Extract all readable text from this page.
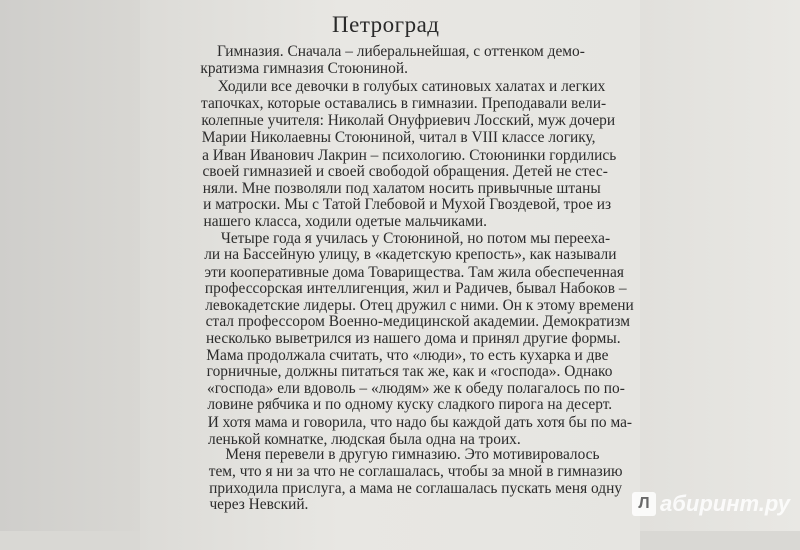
Петроград
Гимназия. Сначала – либеральнейшая, с оттенком демо-
кратизма гимназия Стоюниной.
Ходили все девочки в голубых сатиновых халатах и легких
тапочках, которые оставались в гимназии. Преподавали вели-
колепные учителя: Николай Онуфриевич Лосский, муж дочери
Марии Николаевны Стоюниной, читал в VIII классе логику,
а Иван Иванович Лакрин – психологию. Стоюнинки гордились
своей гимназией и своей свободой обращения. Детей не стес-
няли. Мне позволяли под халатом носить привычные штаны
и матроски. Мы с Татой Глебовой и Мухой Гвоздевой, трое из
нашего класса, ходили одетые мальчиками.
Четыре года я училась у Стоюниной, но потом мы переeха-
ли на Бассейную улицу, в «кадетскую крепость», как называли
эти кооперативные дома Товарищества. Там жила обеспеченная
профессорская интеллигенция, жил и Радичев, бывал Набоков –
левокадетские лидеры. Отец дружил с ними. Он к этому времени
стал профессором Военно-медицинской академии. Демократизм
несколько выветрился из нашего дома и принял другие формы.
Мама продолжала считать, что «люди», то есть кухарка и две
горничные, должны питаться так же, как и «господа». Однако
«господа» ели вдоволь – «людям» же к обеду полагалось по по-
ловине рябчика и по одному куску сладкого пирога на десерт.
И хотя мама и говорила, что надо бы каждой дать хотя бы по ма-
ленькой комнатке, людская была одна на троих.
Меня перевели в другую гимназию. Это мотивировалось
тем, что я ни за что не соглашалась, чтобы за мной в гимназию
приходила прислуга, а мама не соглашалась пускать меня одну
через Невский.	Л абиринт.ру
